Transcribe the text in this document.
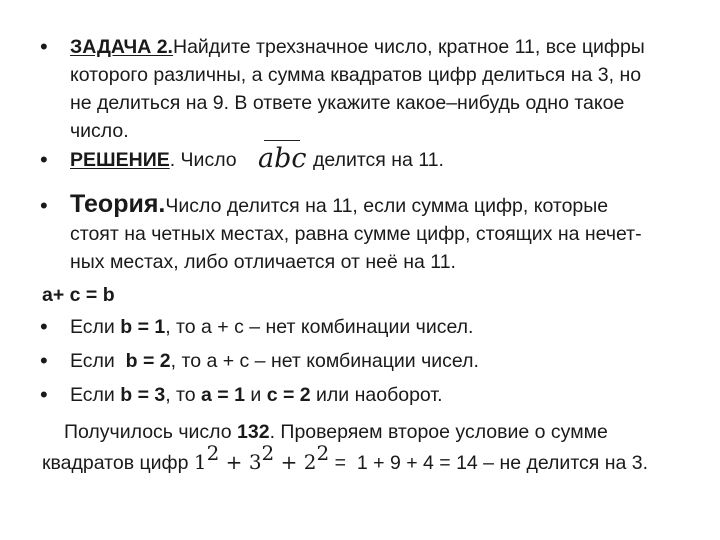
• ЗАДАЧА 2.Найдите трехзначное число, кратное 11, все цифры
которого различны, а сумма квадратов цифр делиться на 3, но
не делиться на 9. В ответе укажите какое–нибудь одно такое
число.
• РЕШЕНИЕ. Число abc делится на 11.
• Теория.Число делится на 11, если сумма цифр, которые
стоят на четных местах, равна сумме цифр, стоящих на нечет-
ных местах, либо отличается от неё на 11.
a+ c = b
• Если b = 1, то a + c – нет комбинации чисел.
• Если  b = 2, то a + c – нет комбинации чисел.
• Если b = 3, то a = 1 и c = 2 или наоборот.
Получилось число 132. Проверяем второе условие о сумме
квадратов цифр 12 + 32 + 22 =  1 + 9 + 4 = 14 – не делится на 3.
